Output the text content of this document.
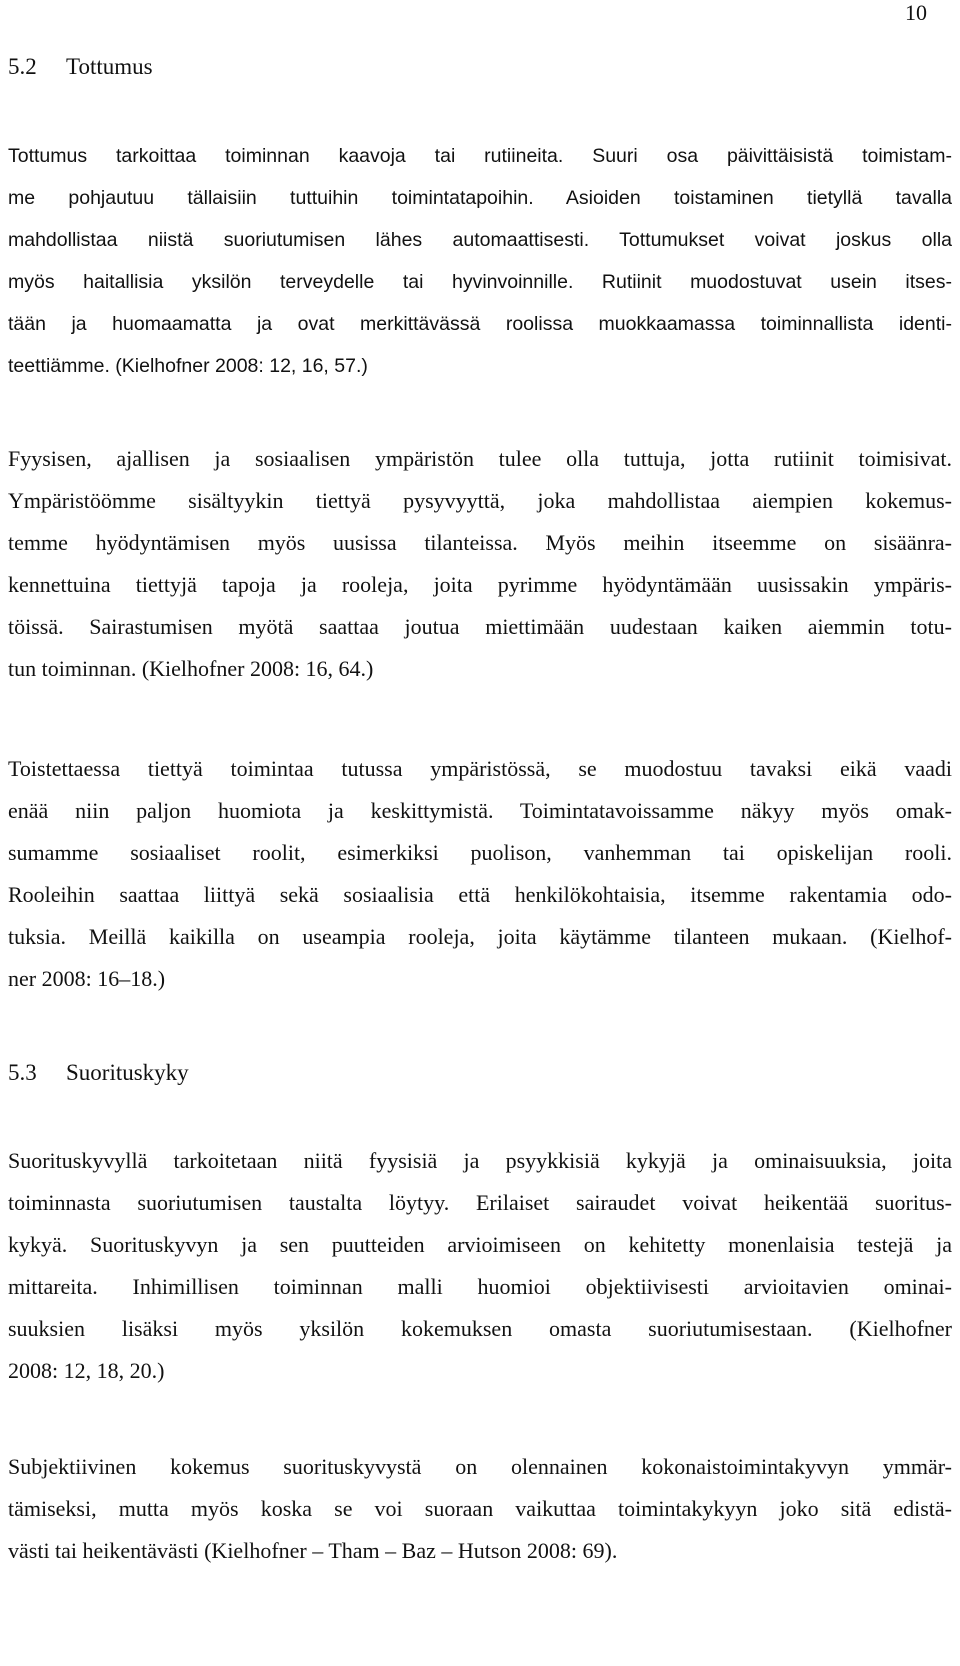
10
5.2 Tottumus
Tottumus tarkoittaa toiminnan kaavoja tai rutiineita. Suuri osa päivittäisistä toimistam-
me pohjautuu tällaisiin tuttuihin toimintatapoihin. Asioiden toistaminen tietyllä tavalla
mahdollistaa niistä suoriutumisen lähes automaattisesti. Tottumukset voivat joskus olla
myös haitallisia yksilön terveydelle tai hyvinvoinnille. Rutiinit muodostuvat usein itses-
tään ja huomaamatta ja ovat merkittävässä roolissa muokkaamassa toiminnallista identi-
teettiämme. (Kielhofner 2008: 12, 16, 57.)
Fyysisen, ajallisen ja sosiaalisen ympäristön tulee olla tuttuja, jotta rutiinit toimisivat.
Ympäristöömme sisältyykin tiettyä pysyvyyttä, joka mahdollistaa aiempien kokemus-
temme hyödyntämisen myös uusissa tilanteissa. Myös meihin itseemme on sisäänra-
kennettuina tiettyjä tapoja ja rooleja, joita pyrimme hyödyntämään uusissakin ympäris-
töissä. Sairastumisen myötä saattaa joutua miettimään uudestaan kaiken aiemmin totu-
tun toiminnan. (Kielhofner 2008: 16, 64.)
Toistettaessa tiettyä toimintaa tutussa ympäristössä, se muodostuu tavaksi eikä vaadi
enää niin paljon huomiota ja keskittymistä. Toimintatavoissamme näkyy myös omak-
sumamme sosiaaliset roolit, esimerkiksi puolison, vanhemman tai opiskelijan rooli.
Rooleihin saattaa liittyä sekä sosiaalisia että henkilökohtaisia, itsemme rakentamia odo-
tuksia. Meillä kaikilla on useampia rooleja, joita käytämme tilanteen mukaan. (Kielhof-
ner 2008: 16–18.)
5.3 Suorituskyky
Suorituskyvyllä tarkoitetaan niitä fyysisiä ja psyykkisiä kykyjä ja ominaisuuksia, joita
toiminnasta suoriutumisen taustalta löytyy. Erilaiset sairaudet voivat heikentää suoritus-
kykyä. Suorituskyvyn ja sen puutteiden arvioimiseen on kehitetty monenlaisia testejä ja
mittareita. Inhimillisen toiminnan malli huomioi objektiivisesti arvioitavien ominai-
suuksien lisäksi myös yksilön kokemuksen omasta suoriutumisestaan. (Kielhofner
2008: 12, 18, 20.)
Subjektiivinen kokemus suorituskyvystä on olennainen kokonaistoimintakyvyn ymmär-
tämiseksi, mutta myös koska se voi suoraan vaikuttaa toimintakykyyn joko sitä edistä-
västi tai heikentävästi (Kielhofner – Tham – Baz – Hutson 2008: 69).
